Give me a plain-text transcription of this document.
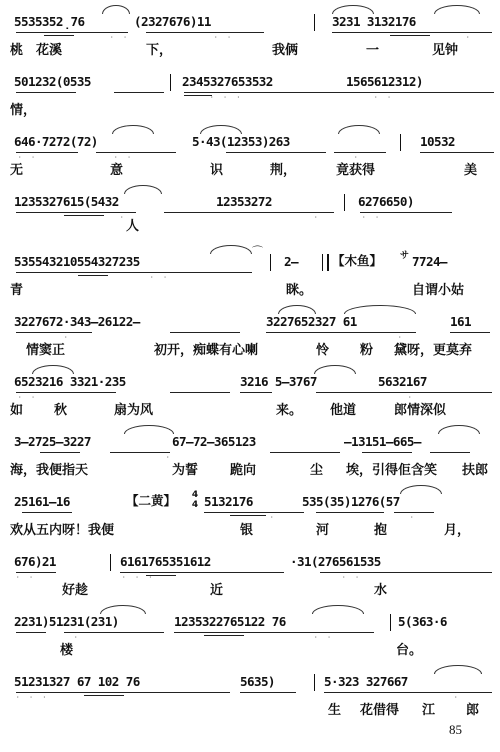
5535352̣76	(2327676)11	3231 3132176
· ·	· ·	·
桃 花溪	下，	我俩	一	见钟
501232(0535	2345327653532	1565612312)
· · ·	· ·
情，
646·7272(72)	5·43(12353)263	10532
· ·	· ·	·
无	意	识	荆，	竟获得	美
1235327615(5432	12353272	6276650)
·	·	· ·
人
535543210554327235
⌒
2–	【木鱼】 サ 7724–
· ·
青	眯。	自谓小姑
3227672·343–26122–	3227652327 61	161
·	·
情窦正	初开，痴蝶有心喇	怜 粉 黛呀，更莫弃
6523216 3321·235	3216 5–3767	5632167
· ·	·
如 秋	扇为风	来。 他道	郎情深似
3–2725–3227	67–72–365123	–13151–665–
·
海，我便指天	为誓 跪向	尘 埃，引得佢含笑 扶郎
25161–16	【二黄】 4
4 5132176	535(35)1276(57
·	·
欢从五内呀！我便	银	河	抱	月，
676)21	6161765351612	·31(276561535
· ·	· · ·	· ·
好趁	近	水
2231)51231(231)	1235322765122 76	5(363·6
·	· ·
楼	台。
51231327 67 102 76	5635)	5·323 327667
· · ·	·
生 花借得 江 郎
85
